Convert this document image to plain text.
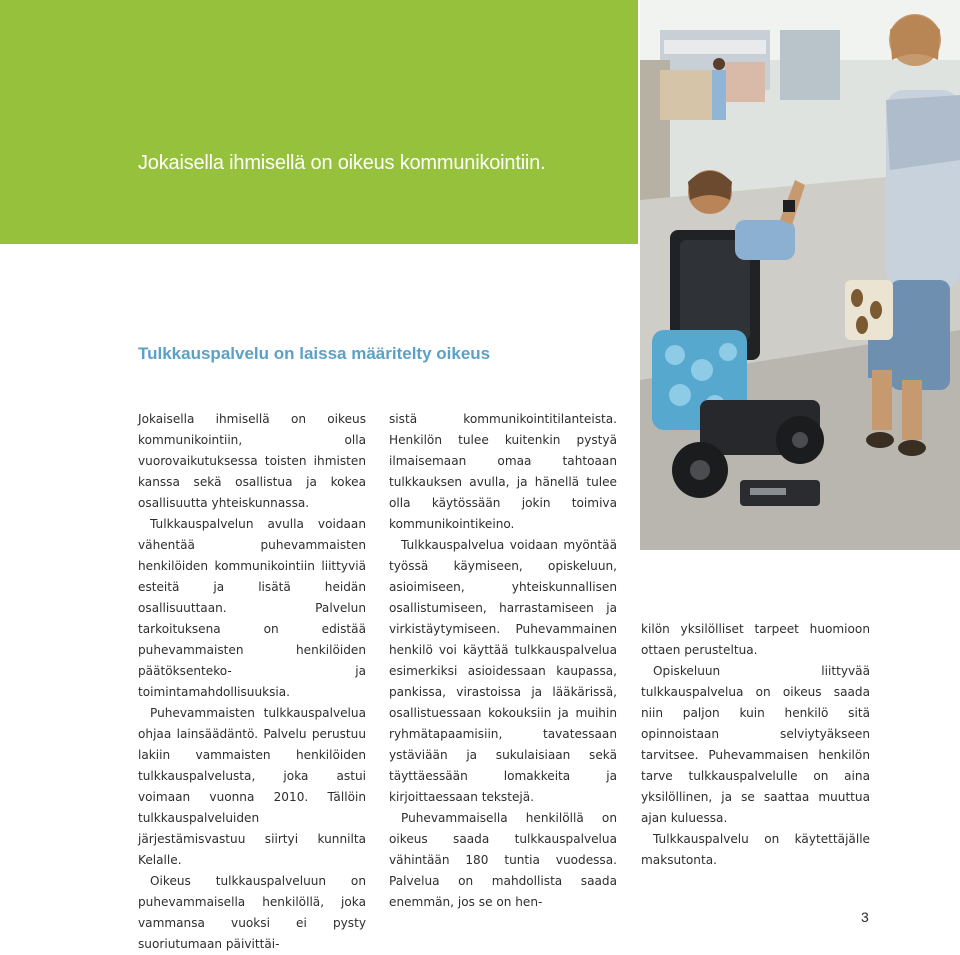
Jokaisella ihmisellä on oikeus kommunikointiin.
Tulkkauspalvelu on laissa määritelty oikeus

Jokaisella ihmisellä on oikeus kommunikointiin, olla vuorovaikutuksessa toisten ihmisten kanssa sekä osallistua ja kokea osallisuutta yhteiskunnassa.

Tulkkauspalvelun avulla voidaan vähentää puhevammaisten henkilöiden kommunikointiin liittyviä esteitä ja lisätä heidän osallisuuttaan. Palvelun tarkoituksena on edistää puhevammaisten henkilöiden päätöksenteko- ja toimintamahdollisuuksia.

Puhevammaisten tulkkauspalvelua ohjaa lainsäädäntö. Palvelu perustuu lakiin vammaisten henkilöiden tulkkauspalvelusta, joka astui voimaan vuonna 2010. Tällöin tulkkauspalveluiden järjestämisvastuu siirtyi kunnilta Kelalle.

Oikeus tulkkauspalveluun on puhevammaisella henkilöllä, joka vammansa vuoksi ei pysty suoriutumaan päivittäi-

sistä kommunikointitilanteista. Henkilön tulee kuitenkin pystyä ilmaisemaan omaa tahtoaan tulkkauksen avulla, ja hänellä tulee olla käytössään jokin toimiva kommunikointikeino.

Tulkkauspalvelua voidaan myöntää työssä käymiseen, opiskeluun, asioimiseen, yhteiskunnallisen osallistumiseen, harrastamiseen ja virkistäytymiseen. Puhevammainen henkilö voi käyttää tulkkauspalvelua esimerkiksi asioidessaan kaupassa, pankissa, virastoissa ja lääkärissä, osallistuessaan kokouksiin ja muihin ryhmätapaamisiin, tavatessaan ystäviään ja sukulaisiaan sekä täyttäessään lomakkeita ja kirjoittaessaan tekstejä.

Puhevammaisella henkilöllä on oikeus saada tulkkauspalvelua vähintään 180 tuntia vuodessa. Palvelua on mahdollista saada enemmän, jos se on hen-

kilön yksilölliset tarpeet huomioon ottaen perusteltua.

Opiskeluun liittyvää tulkkauspalvelua on oikeus saada niin paljon kuin henkilö sitä opinnoistaan selviytyäkseen tarvitsee. Puhevammaisen henkilön tarve tulkkauspalvelulle on aina yksilöllinen, ja se saattaa muuttua ajan kuluessa.

Tulkkauspalvelu on käytettäjälle maksutonta.

3
